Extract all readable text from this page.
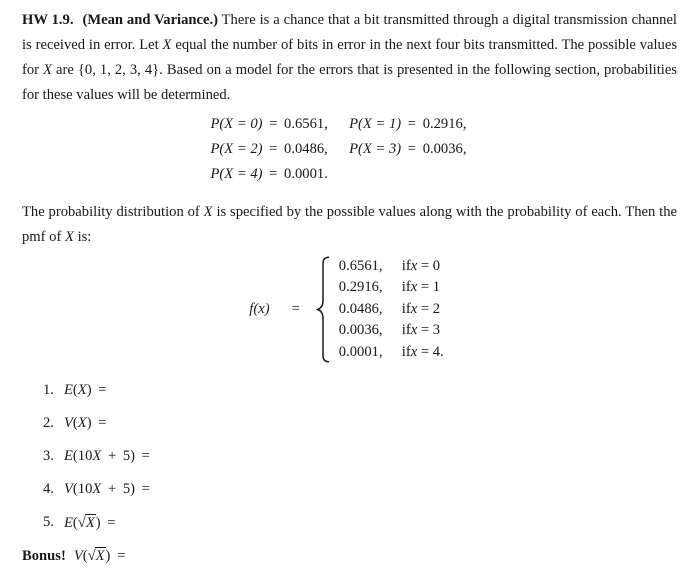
HW 1.9. (Mean and Variance.) There is a chance that a bit transmitted through a digital transmission channel is received in error. Let X equal the number of bits in error in the next four bits transmitted. The possible values for X are {0, 1, 2, 3, 4}. Based on a model for the errors that is presented in the following section, probabilities for these values will be determined.
P(X = 0) = 0.6561, P(X = 1) = 0.2916,
P(X = 2) = 0.0486, P(X = 3) = 0.0036,
P(X = 4) = 0.0001.
The probability distribution of X is specified by the possible values along with the probability of each. Then the pmf of X is:
f(x) =
0.6561, ifx = 0
0.2916, ifx = 1
0.0486, ifx = 2
0.0036, ifx = 3
0.0001, ifx = 4.
1. E(X) =
2. V(X) =
3. E(10X + 5) =
4. V(10X + 5) =
5. E(√X) =
Bonus! V(√X) =
